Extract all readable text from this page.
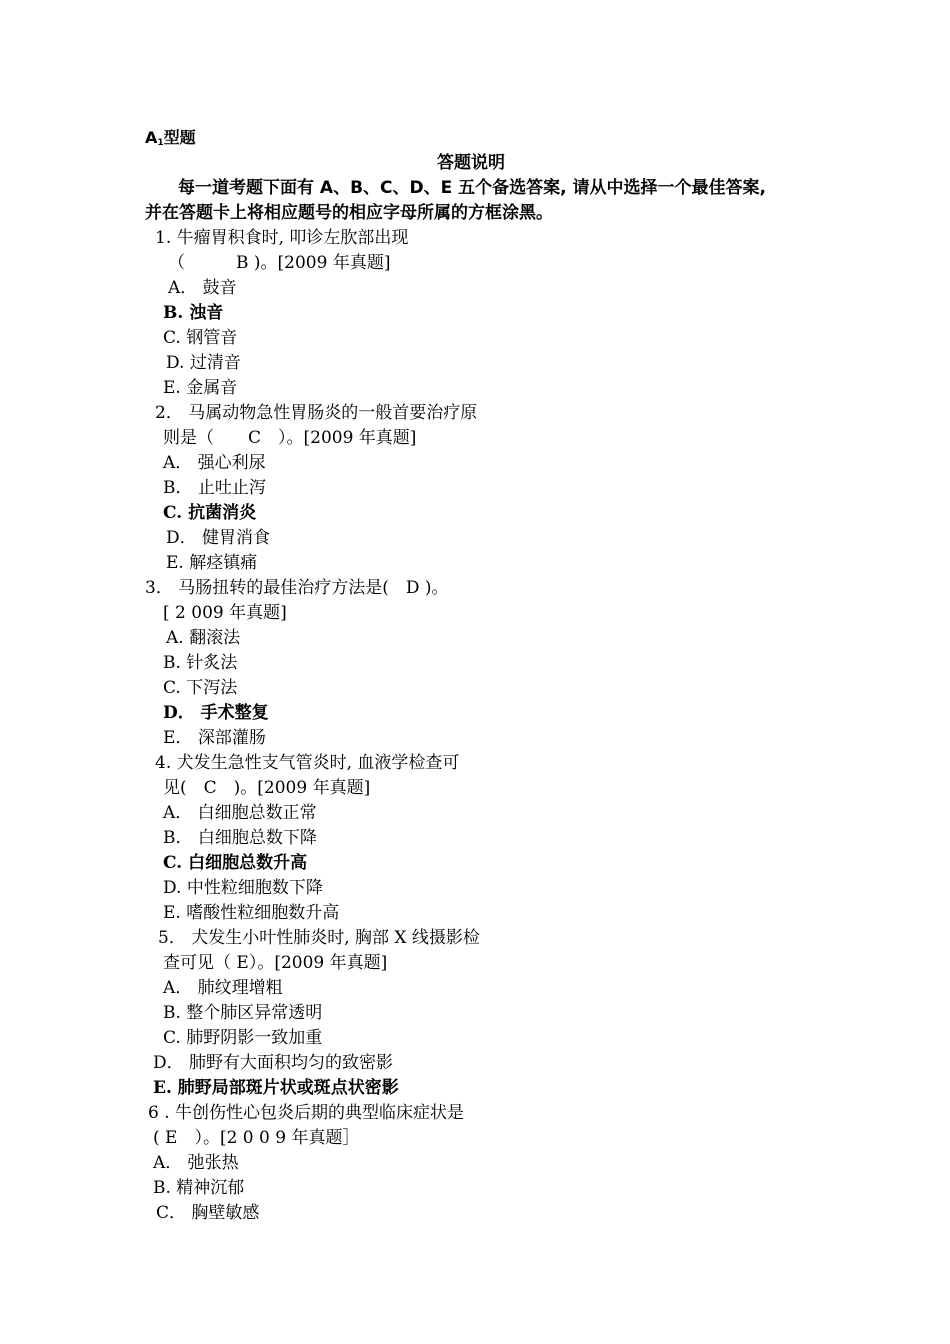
$A_1$型题
答题说明
每一道考题下面有 A、B、C、D、E 五个备选答案, 请从中选择一个最佳答案,
并在答题卡上将相应题号的相应字母所属的方框涂黑。
1. 牛瘤胃积食时, 叩诊左肷部出现
（　　　B )。[2009 年真题]
A． 鼓音
B. 浊音
C. 钢管音
D. 过清音
E. 金属音
2． 马属动物急性胃肠炎的一般首要治疗原
则是（　　C　）。[2009 年真题]
A． 强心利尿
B． 止吐止泻
C. 抗菌消炎
D． 健胃消食
E. 解痉镇痛
3． 马肠扭转的最佳治疗方法是(　D )。
[ 2 009 年真题]
A. 翻滚法
B. 针炙法
C. 下泻法
D． 手术整复
E． 深部灌肠
4. 犬发生急性支气管炎时, 血液学检查可
见(　C　)。[2009 年真题]
A． 白细胞总数正常
B． 白细胞总数下降
C. 白细胞总数升高
D. 中性粒细胞数下降
E. 嗜酸性粒细胞数升高
5． 犬发生小叶性肺炎时, 胸部 X 线摄影检
查可见（ E）。[2009 年真题]
A． 肺纹理增粗
B. 整个肺区异常透明
C. 肺野阴影一致加重
D． 肺野有大面积均匀的致密影
E. 肺野局部斑片状或斑点状密影
6 . 牛创伤性心包炎后期的典型临床症状是
( E　）。[2 0 0 9 年真题］
A． 弛张热
B. 精神沉郁
C． 胸壁敏感
